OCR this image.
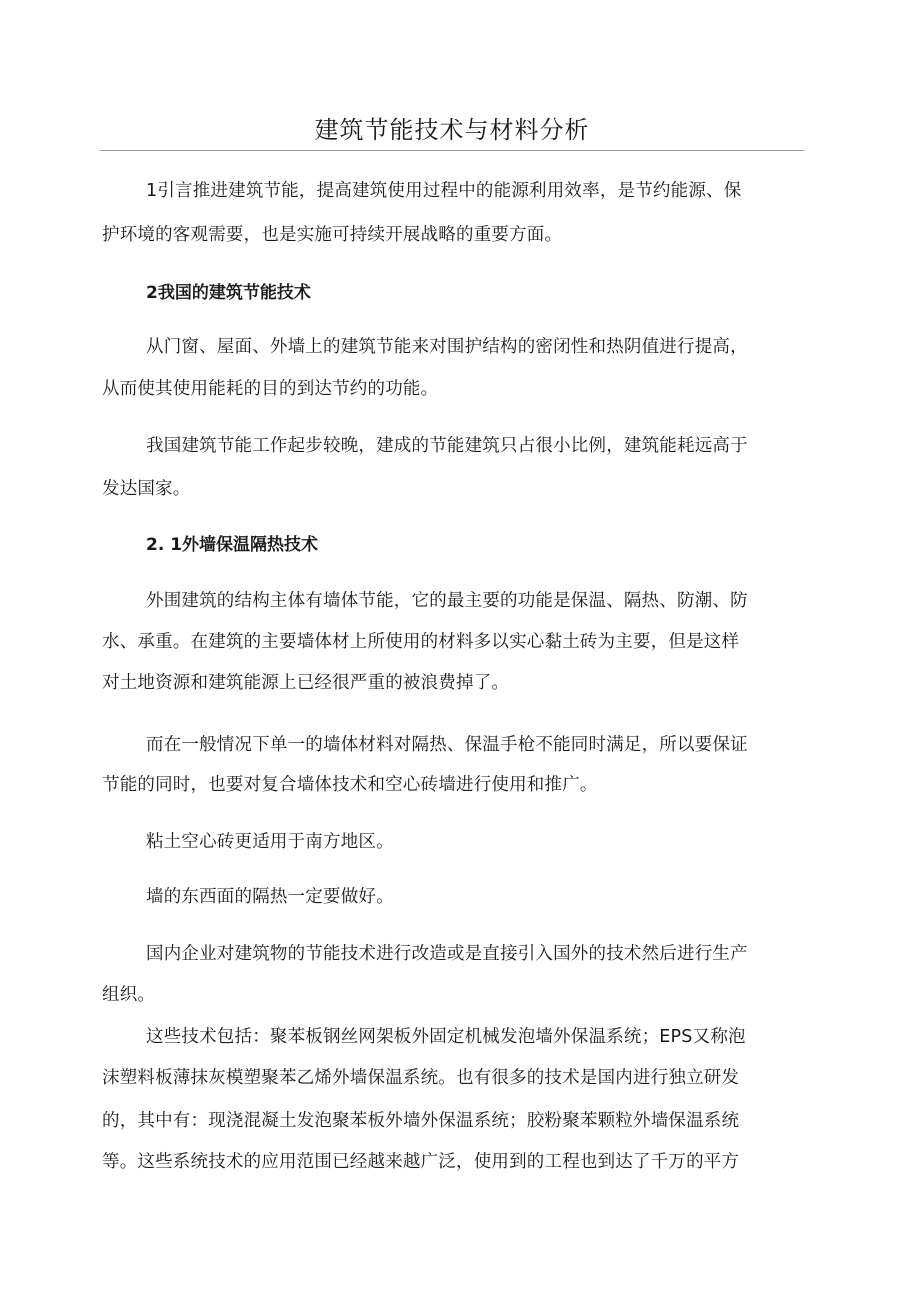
建筑节能技术与材料分析
1引言推进建筑节能，提高建筑使用过程中的能源利用效率，是节约能源、保
护环境的客观需要，也是实施可持续开展战略的重要方面。
2我国的建筑节能技术
从门窗、屋面、外墙上的建筑节能来对围护结构的密闭性和热阴值进行提高，
从而使其使用能耗的目的到达节约的功能。
我国建筑节能工作起步较晚，建成的节能建筑只占很小比例，建筑能耗远高于
发达国家。
2. 1外墙保温隔热技术
外围建筑的结构主体有墙体节能，它的最主要的功能是保温、隔热、防潮、防
水、承重。在建筑的主要墙体材上所使用的材料多以实心黏土砖为主要，但是这样
对土地资源和建筑能源上已经很严重的被浪费掉了。
而在一般情况下单一的墙体材料对隔热、保温手枪不能同时满足，所以要保证
节能的同时，也要对复合墙体技术和空心砖墙进行使用和推广。
粘土空心砖更适用于南方地区。
墙的东西面的隔热一定要做好。
国内企业对建筑物的节能技术进行改造或是直接引入国外的技术然后进行生产
组织。
这些技术包括：聚苯板钢丝网架板外固定机械发泡墙外保温系统；EPS又称泡
沫塑料板薄抹灰模塑聚苯乙烯外墙保温系统。也有很多的技术是国内进行独立研发
的，其中有：现浇混凝土发泡聚苯板外墙外保温系统；胶粉聚苯颗粒外墙保温系统
等。这些系统技术的应用范围已经越来越广泛，使用到的工程也到达了千万的平方
